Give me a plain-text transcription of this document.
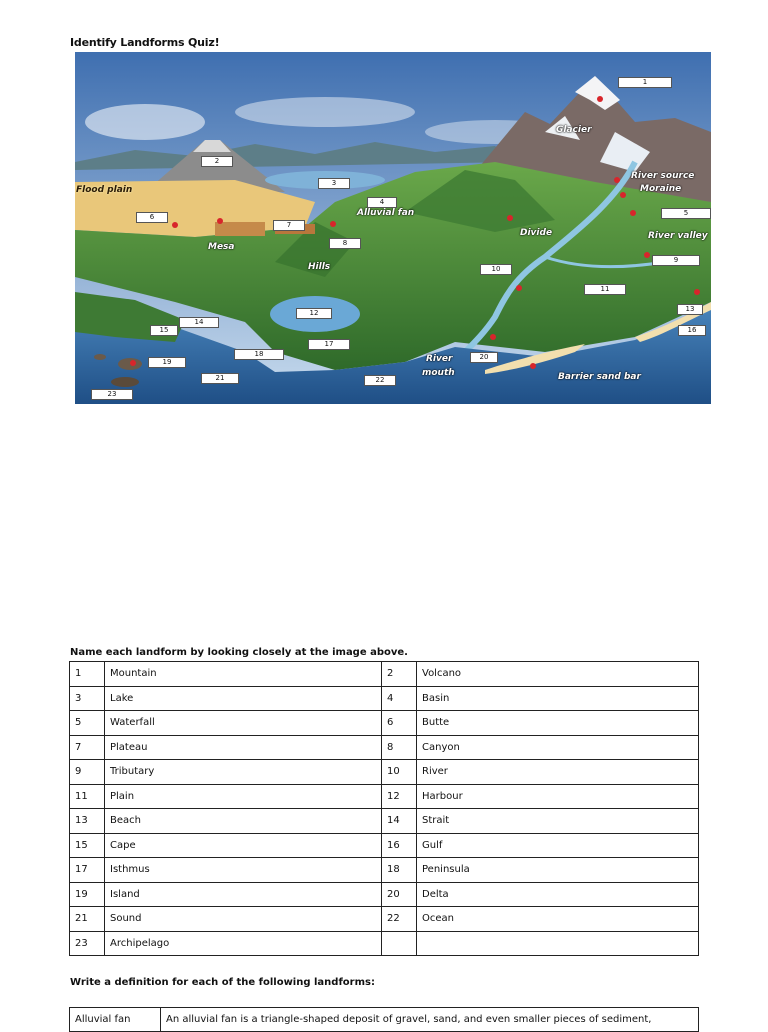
Identify Landforms Quiz!
Flood plain
Mesa
Alluvial fan
Hills
Glacier
River source
Moraine
Divide	River valley
River
mouth	Barrier sand bar
1
2
3
4
5
6
7
8
9
10
11
12	13
14
15	16
17
18
19
20
21	22
23
Name each landform by looking closely at the image above.
1	Mountain	2	Volcano
3	Lake	4	Basin
5	Waterfall	6	Butte
7	Plateau	8	Canyon
9	Tributary	10	River
11	Plain	12	Harbour
13	Beach	14	Strait
15	Cape	16	Gulf
17	Isthmus	18	Peninsula
19	Island	20	Delta
21	Sound	22	Ocean
23	Archipelago		
Write a definition for each of the following landforms:
Alluvial fan	An alluvial fan is a triangle-shaped deposit of gravel, sand, and even smaller pieces of sediment,
